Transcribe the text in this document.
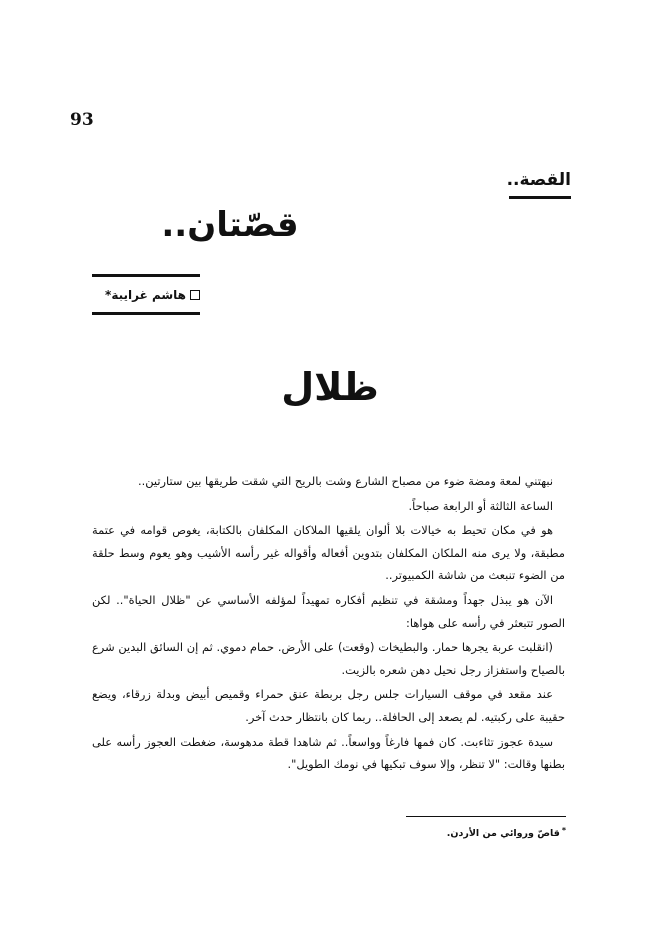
93
القصة..
قصّتان..
هاشم غرايبة*
ظلال

نبهتني لمعة ومضة ضوء من مصباح الشارع وشت بالريح التي شقت طريقها بين ستارتين..

الساعة الثالثة أو الرابعة صباحاً.

هو في مكان تحيط به خيالات بلا ألوان يلقيها الملاكان المكلفان بالكتابة، يغوص قوامه في عتمة مطبقة، ولا يرى منه الملكان المكلفان بتدوين أفعاله وأقواله غير رأسه الأشيب وهو يعوم وسط حلقة من الضوء تنبعث من شاشة الكمبيوتر..

الآن هو يبذل جهداً ومشقة في تنظيم أفكاره تمهيداً لمؤلفه الأساسي عن "ظلال الحياة".. لكن الصور تتبعثر في رأسه على هواها:

(انقلبت عربة يجرها حمار. والبطيخات (وقعت) على الأرض. حمام دموي. ثم إن السائق البدين شرع بالصياح واستفزاز رجل نحيل دهن شعره بالزيت.

عند مقعد في موقف السيارات جلس رجل بربطة عنق حمراء وقميص أبيض وبدلة زرقاء، ويضع حقيبة على ركبتيه. لم يصعد إلى الحافلة.. ربما كان بانتظار حدث آخر.

سيدة عجوز تثاءبت. كان فمها فارغاً وواسعاً.. ثم شاهدا قطة مدهوسة، ضغطت العجوز رأسه على بطنها وقالت: "لا تنظر، وإلا سوف تبكيها في نومك الطويل".

*قاصّ وروائي من الأردن.
